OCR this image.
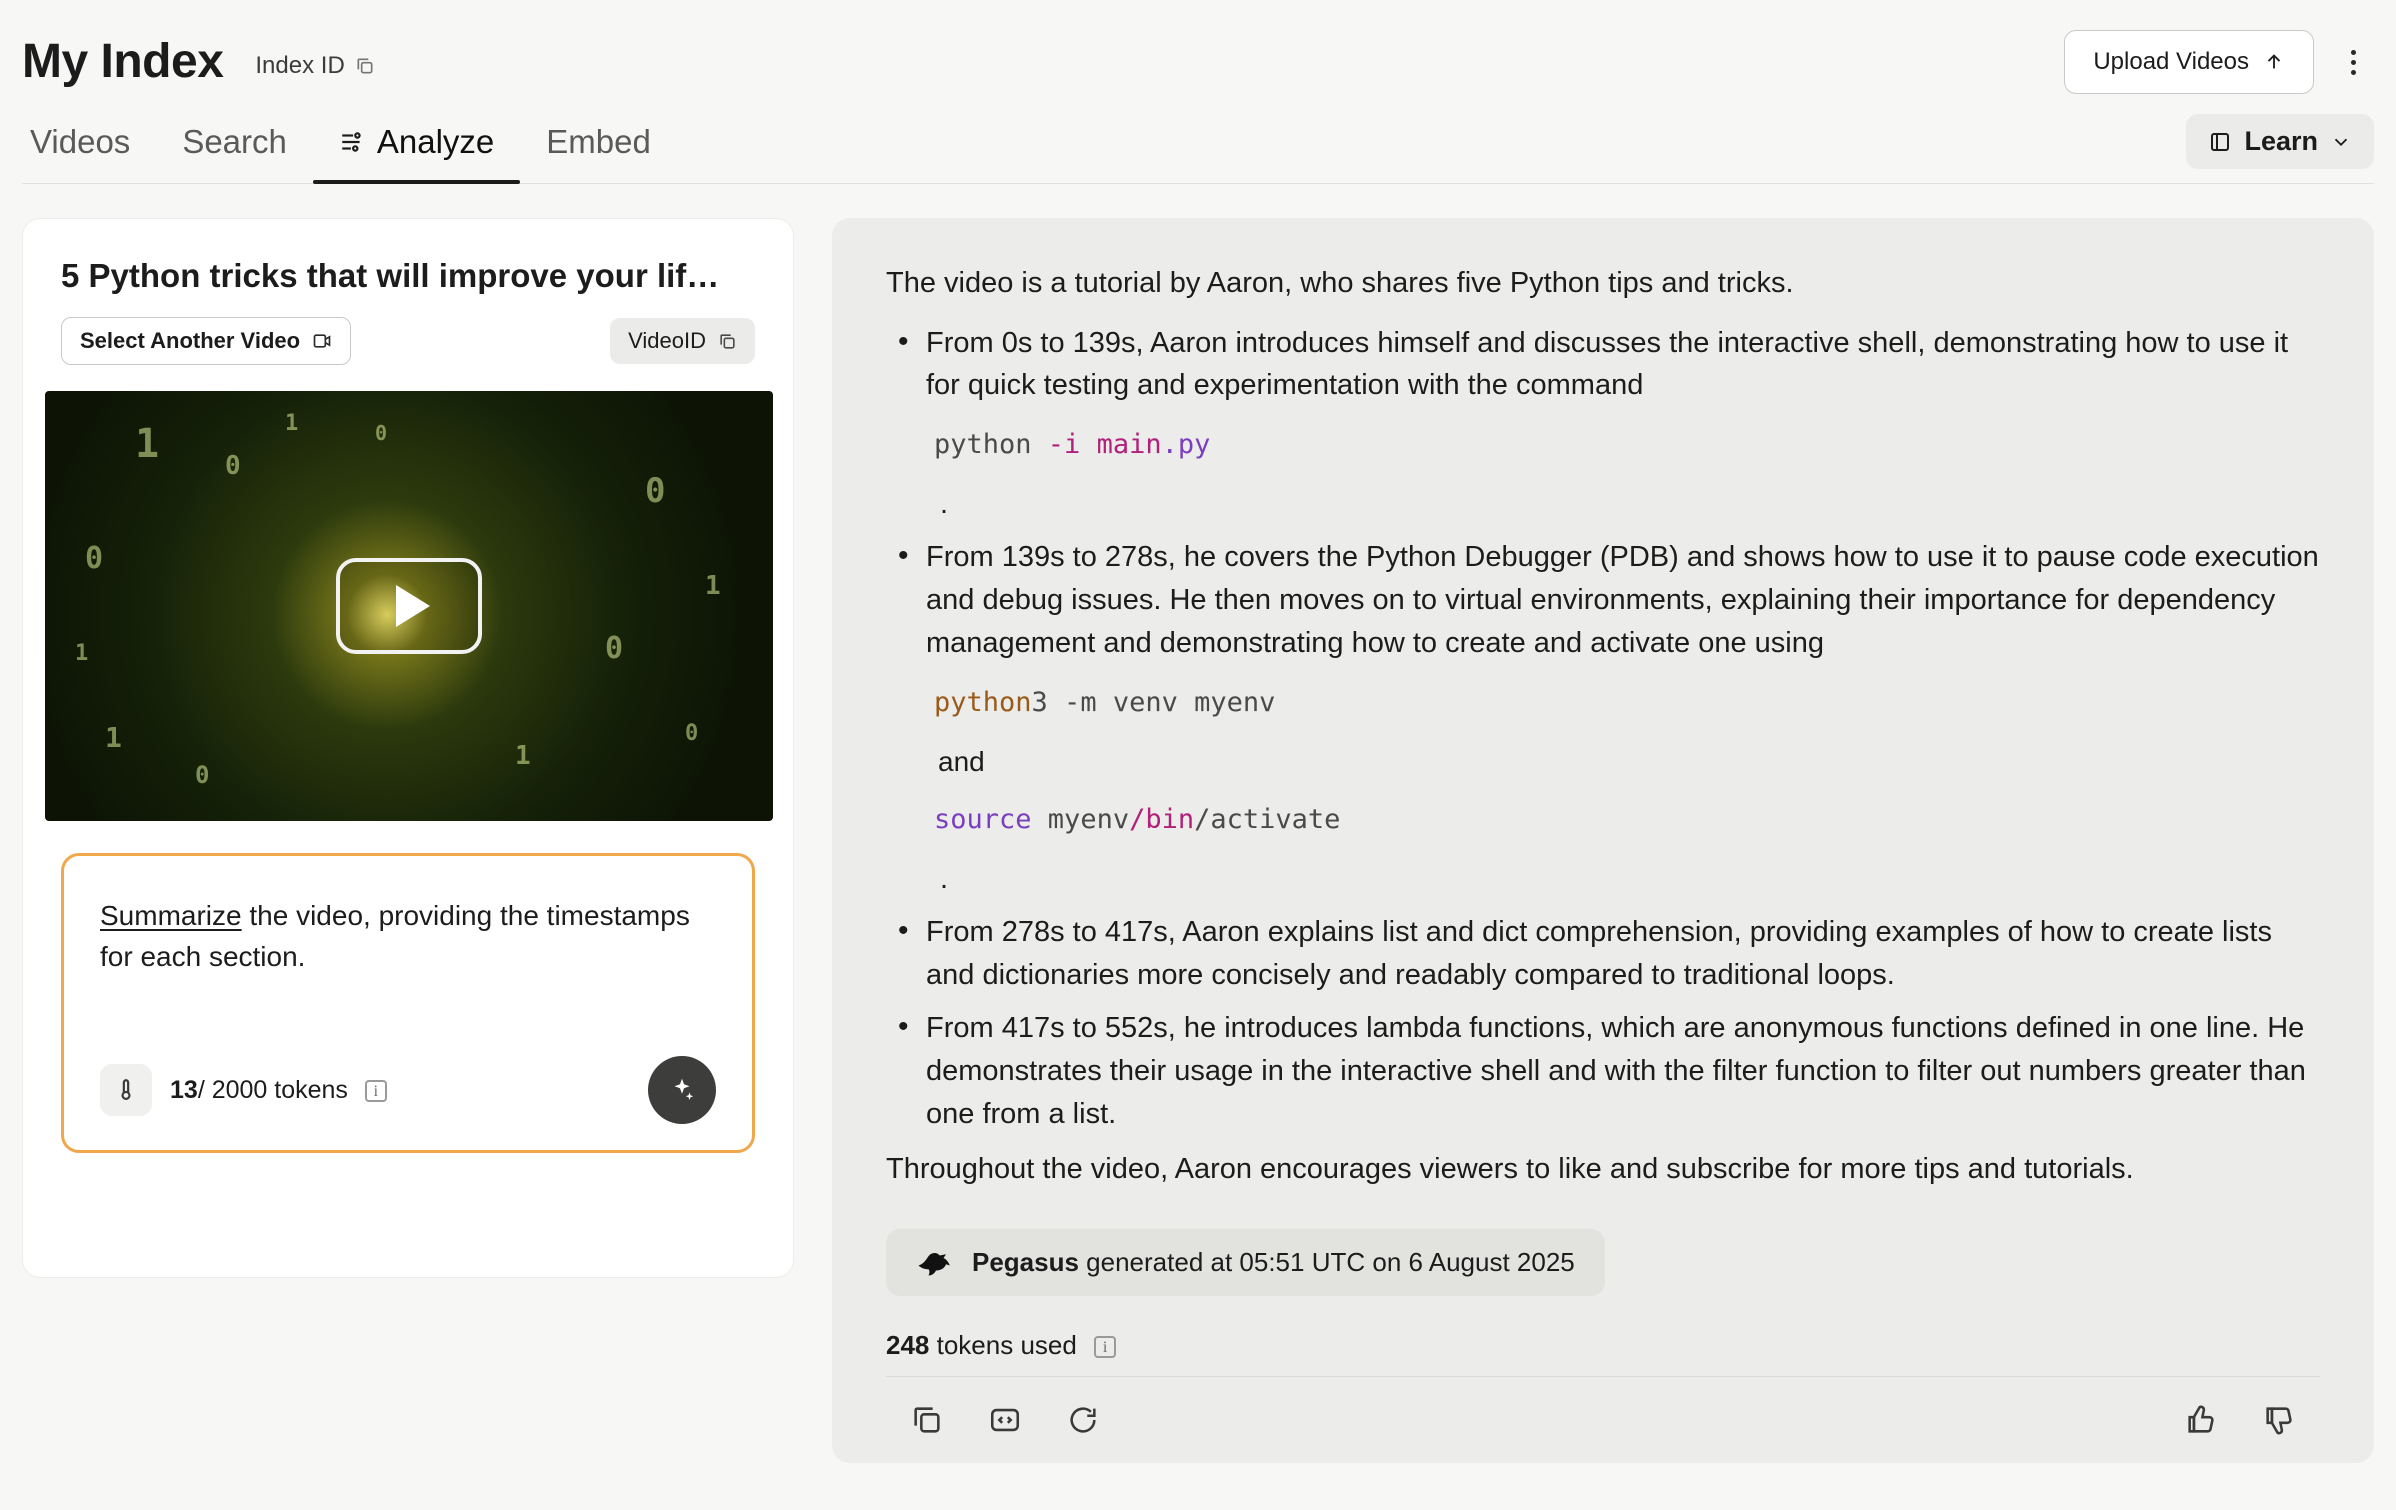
My Index Index ID	Upload Videos
Videos Search	Analyze Embed	Learn
5 Python tricks that will improve your lif…
Select Another Video	VideoID
1	0
0
1
0
1
0
1
0
1
0
0
1
Summarize the video, providing the timestamps for each section.
13/ 2000 tokens i
The video is a tutorial by Aaron, who shares five Python tips and tricks.
• From 0s to 139s, Aaron introduces himself and discusses the interactive shell, demonstrating how to use it for quick testing and experimentation with the command
python -i main.py
.
• From 139s to 278s, he covers the Python Debugger (PDB) and shows how to use it to pause code execution and debug issues. He then moves on to virtual environments, explaining their importance for dependency management and demonstrating how to create and activate one using
python3 -m venv myenv
and
source myenv/bin/activate
.
• From 278s to 417s, Aaron explains list and dict comprehension, providing examples of how to create lists and dictionaries more concisely and readably compared to traditional loops.
• From 417s to 552s, he introduces lambda functions, which are anonymous functions defined in one line. He demonstrates their usage in the interactive shell and with the filter function to filter out numbers greater than one from a list.
Throughout the video, Aaron encourages viewers to like and subscribe for more tips and tutorials.
Pegasus generated at 05:51 UTC on 6 August 2025
248 tokens used i
